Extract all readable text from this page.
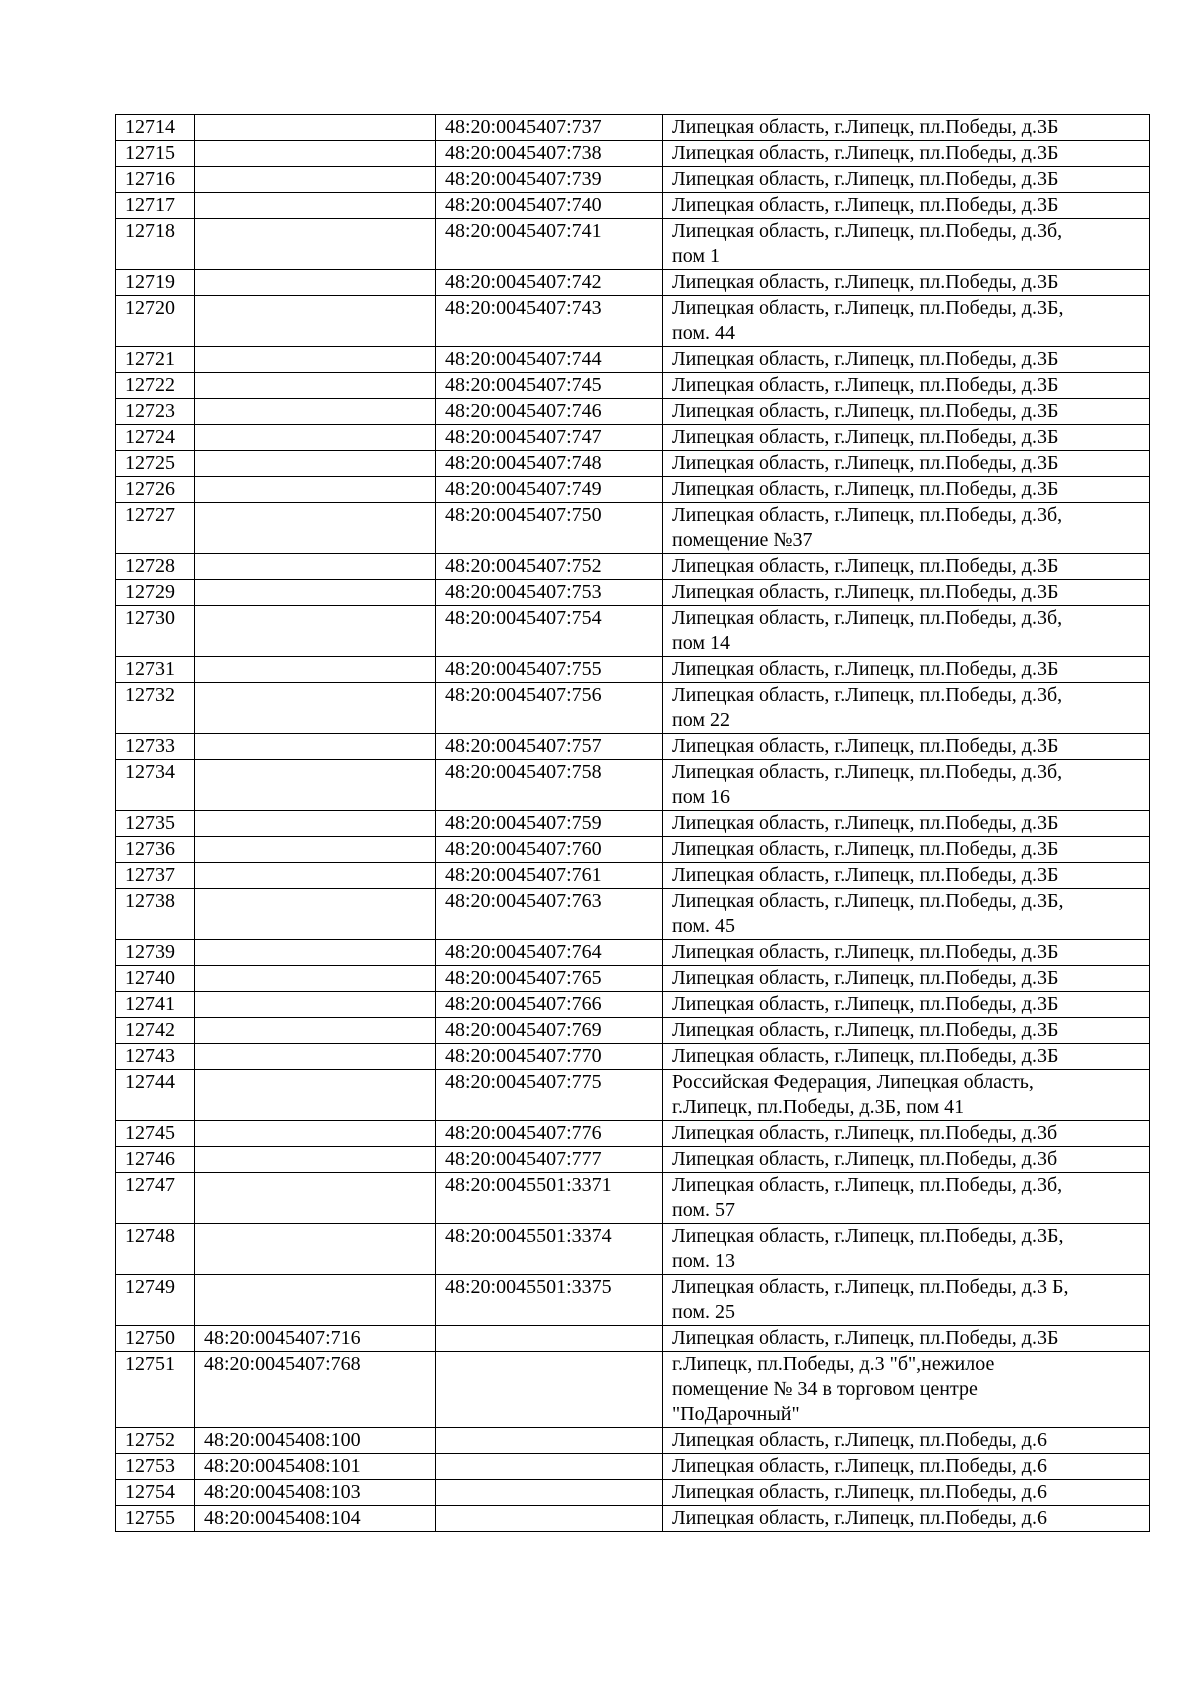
12714		48:20:0045407:737	Липецкая область, г.Липецк, пл.Победы, д.3Б
12715		48:20:0045407:738	Липецкая область, г.Липецк, пл.Победы, д.3Б
12716		48:20:0045407:739	Липецкая область, г.Липецк, пл.Победы, д.3Б
12717		48:20:0045407:740	Липецкая область, г.Липецк, пл.Победы, д.3Б
12718		48:20:0045407:741	Липецкая область, г.Липецк, пл.Победы, д.3б,
пом 1
12719		48:20:0045407:742	Липецкая область, г.Липецк, пл.Победы, д.3Б
12720		48:20:0045407:743	Липецкая область, г.Липецк, пл.Победы, д.3Б,
пом. 44
12721		48:20:0045407:744	Липецкая область, г.Липецк, пл.Победы, д.3Б
12722		48:20:0045407:745	Липецкая область, г.Липецк, пл.Победы, д.3Б
12723		48:20:0045407:746	Липецкая область, г.Липецк, пл.Победы, д.3Б
12724		48:20:0045407:747	Липецкая область, г.Липецк, пл.Победы, д.3Б
12725		48:20:0045407:748	Липецкая область, г.Липецк, пл.Победы, д.3Б
12726		48:20:0045407:749	Липецкая область, г.Липецк, пл.Победы, д.3Б
12727		48:20:0045407:750	Липецкая область, г.Липецк, пл.Победы, д.3б,
помещение №37
12728		48:20:0045407:752	Липецкая область, г.Липецк, пл.Победы, д.3Б
12729		48:20:0045407:753	Липецкая область, г.Липецк, пл.Победы, д.3Б
12730		48:20:0045407:754	Липецкая область, г.Липецк, пл.Победы, д.3б,
пом 14
12731		48:20:0045407:755	Липецкая область, г.Липецк, пл.Победы, д.3Б
12732		48:20:0045407:756	Липецкая область, г.Липецк, пл.Победы, д.3б,
пом 22
12733		48:20:0045407:757	Липецкая область, г.Липецк, пл.Победы, д.3Б
12734		48:20:0045407:758	Липецкая область, г.Липецк, пл.Победы, д.3б,
пом 16
12735		48:20:0045407:759	Липецкая область, г.Липецк, пл.Победы, д.3Б
12736		48:20:0045407:760	Липецкая область, г.Липецк, пл.Победы, д.3Б
12737		48:20:0045407:761	Липецкая область, г.Липецк, пл.Победы, д.3Б
12738		48:20:0045407:763	Липецкая область, г.Липецк, пл.Победы, д.3Б,
пом. 45
12739		48:20:0045407:764	Липецкая область, г.Липецк, пл.Победы, д.3Б
12740		48:20:0045407:765	Липецкая область, г.Липецк, пл.Победы, д.3Б
12741		48:20:0045407:766	Липецкая область, г.Липецк, пл.Победы, д.3Б
12742		48:20:0045407:769	Липецкая область, г.Липецк, пл.Победы, д.3Б
12743		48:20:0045407:770	Липецкая область, г.Липецк, пл.Победы, д.3Б
12744		48:20:0045407:775	Российская Федерация, Липецкая область,
г.Липецк, пл.Победы, д.3Б, пом 41
12745		48:20:0045407:776	Липецкая область, г.Липецк, пл.Победы, д.3б
12746		48:20:0045407:777	Липецкая область, г.Липецк, пл.Победы, д.3б
12747		48:20:0045501:3371	Липецкая область, г.Липецк, пл.Победы, д.3б,
пом. 57
12748		48:20:0045501:3374	Липецкая область, г.Липецк, пл.Победы, д.3Б,
пом. 13
12749		48:20:0045501:3375	Липецкая область, г.Липецк, пл.Победы, д.3 Б,
пом. 25
12750	48:20:0045407:716		Липецкая область, г.Липецк, пл.Победы, д.3Б
12751	48:20:0045407:768		г.Липецк, пл.Победы, д.3 "б",нежилое
помещение № 34 в торговом центре
"ПоДарочный"
12752	48:20:0045408:100		Липецкая область, г.Липецк, пл.Победы, д.6
12753	48:20:0045408:101		Липецкая область, г.Липецк, пл.Победы, д.6
12754	48:20:0045408:103		Липецкая область, г.Липецк, пл.Победы, д.6
12755	48:20:0045408:104		Липецкая область, г.Липецк, пл.Победы, д.6
